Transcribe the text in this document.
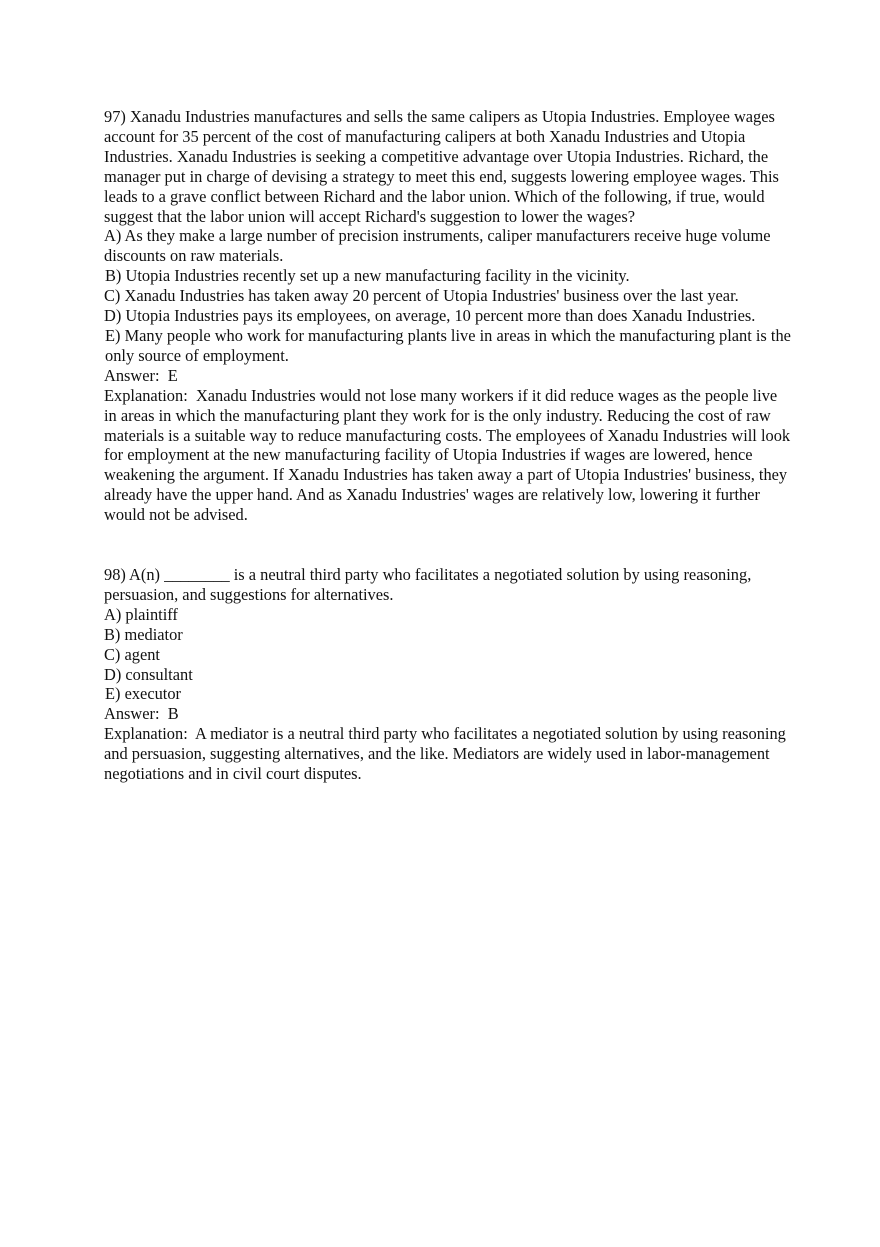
97) Xanadu Industries manufactures and sells the same calipers as Utopia Industries. Employee wages account for 35 percent of the cost of manufacturing calipers at both Xanadu Industries and Utopia Industries. Xanadu Industries is seeking a competitive advantage over Utopia Industries. Richard, the manager put in charge of devising a strategy to meet this end, suggests lowering employee wages. This leads to a grave conflict between Richard and the labor union. Which of the following, if true, would suggest that the labor union will accept Richard's suggestion to lower the wages?
A) As they make a large number of precision instruments, caliper manufacturers receive huge volume discounts on raw materials.
B) Utopia Industries recently set up a new manufacturing facility in the vicinity.
C) Xanadu Industries has taken away 20 percent of Utopia Industries' business over the last year.
D) Utopia Industries pays its employees, on average, 10 percent more than does Xanadu Industries.
E) Many people who work for manufacturing plants live in areas in which the manufacturing plant is the only source of employment.
Answer:  E
Explanation:  Xanadu Industries would not lose many workers if it did reduce wages as the people live in areas in which the manufacturing plant they work for is the only industry. Reducing the cost of raw materials is a suitable way to reduce manufacturing costs. The employees of Xanadu Industries will look for employment at the new manufacturing facility of Utopia Industries if wages are lowered, hence weakening the argument. If Xanadu Industries has taken away a part of Utopia Industries' business, they already have the upper hand. And as Xanadu Industries' wages are relatively low, lowering it further would not be advised.
98) A(n) ________ is a neutral third party who facilitates a negotiated solution by using reasoning, persuasion, and suggestions for alternatives.
A) plaintiff
B) mediator
C) agent
D) consultant
E) executor
Answer:  B
Explanation:  A mediator is a neutral third party who facilitates a negotiated solution by using reasoning and persuasion, suggesting alternatives, and the like. Mediators are widely used in labor-management negotiations and in civil court disputes.
